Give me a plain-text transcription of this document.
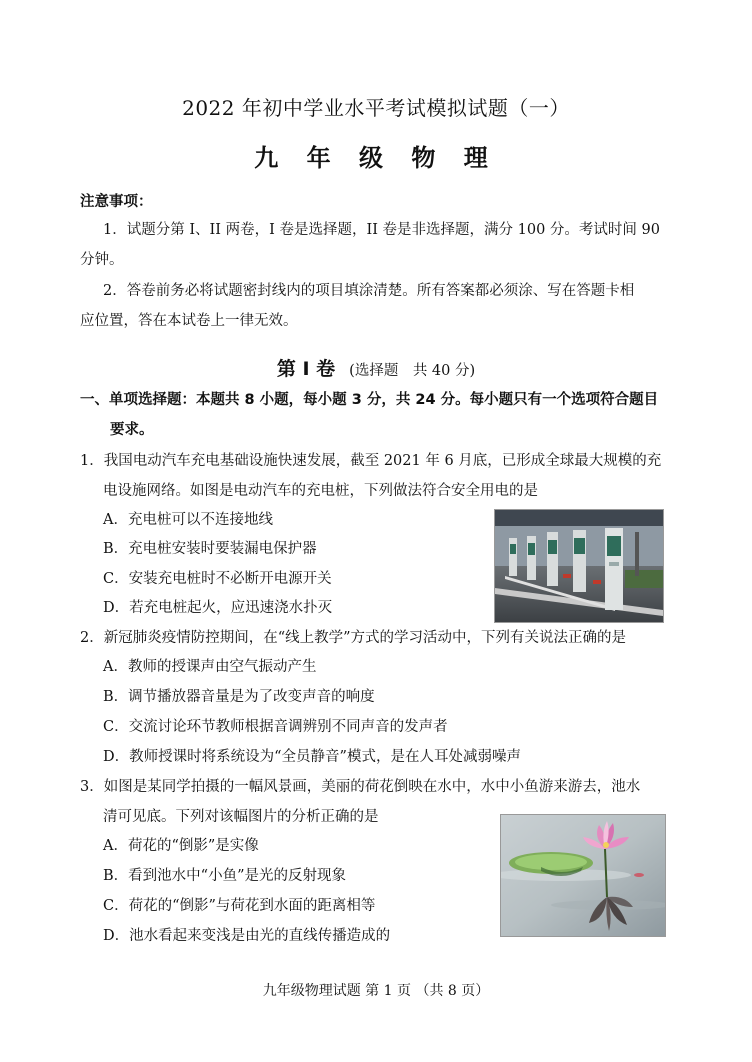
2022 年初中学业水平考试模拟试题（一）
九 年 级 物 理
注意事项：
1．试题分第 I、II 两卷，I 卷是选择题，II 卷是非选择题，满分 100 分。考试时间 90
分钟。
2．答卷前务必将试题密封线内的项目填涂清楚。所有答案都必须涂、写在答题卡相
应位置，答在本试卷上一律无效。
第 I 卷 (选择题　共 40 分)
一、单项选择题：本题共 8 小题，每小题 3 分，共 24 分。每小题只有一个选项符合题目
要求。
1．我国电动汽车充电基础设施快速发展，截至 2021 年 6 月底，已形成全球最大规模的充
电设施网络。如图是电动汽车的充电桩，下列做法符合安全用电的是
A．充电桩可以不连接地线
B．充电桩安装时要装漏电保护器
C．安装充电桩时不必断开电源开关
D．若充电桩起火，应迅速浇水扑灭
2．新冠肺炎疫情防控期间，在“线上教学”方式的学习活动中，下列有关说法正确的是
A．教师的授课声由空气振动产生
B．调节播放器音量是为了改变声音的响度
C．交流讨论环节教师根据音调辨别不同声音的发声者
D．教师授课时将系统设为“全员静音”模式，是在人耳处减弱噪声
3．如图是某同学拍摄的一幅风景画，美丽的荷花倒映在水中，水中小鱼游来游去，池水
清可见底。下列对该幅图片的分析正确的是
A．荷花的“倒影”是实像
B．看到池水中“小鱼”是光的反射现象
C．荷花的“倒影”与荷花到水面的距离相等
D．池水看起来变浅是由光的直线传播造成的
九年级物理试题 第 1 页 （共 8 页）
